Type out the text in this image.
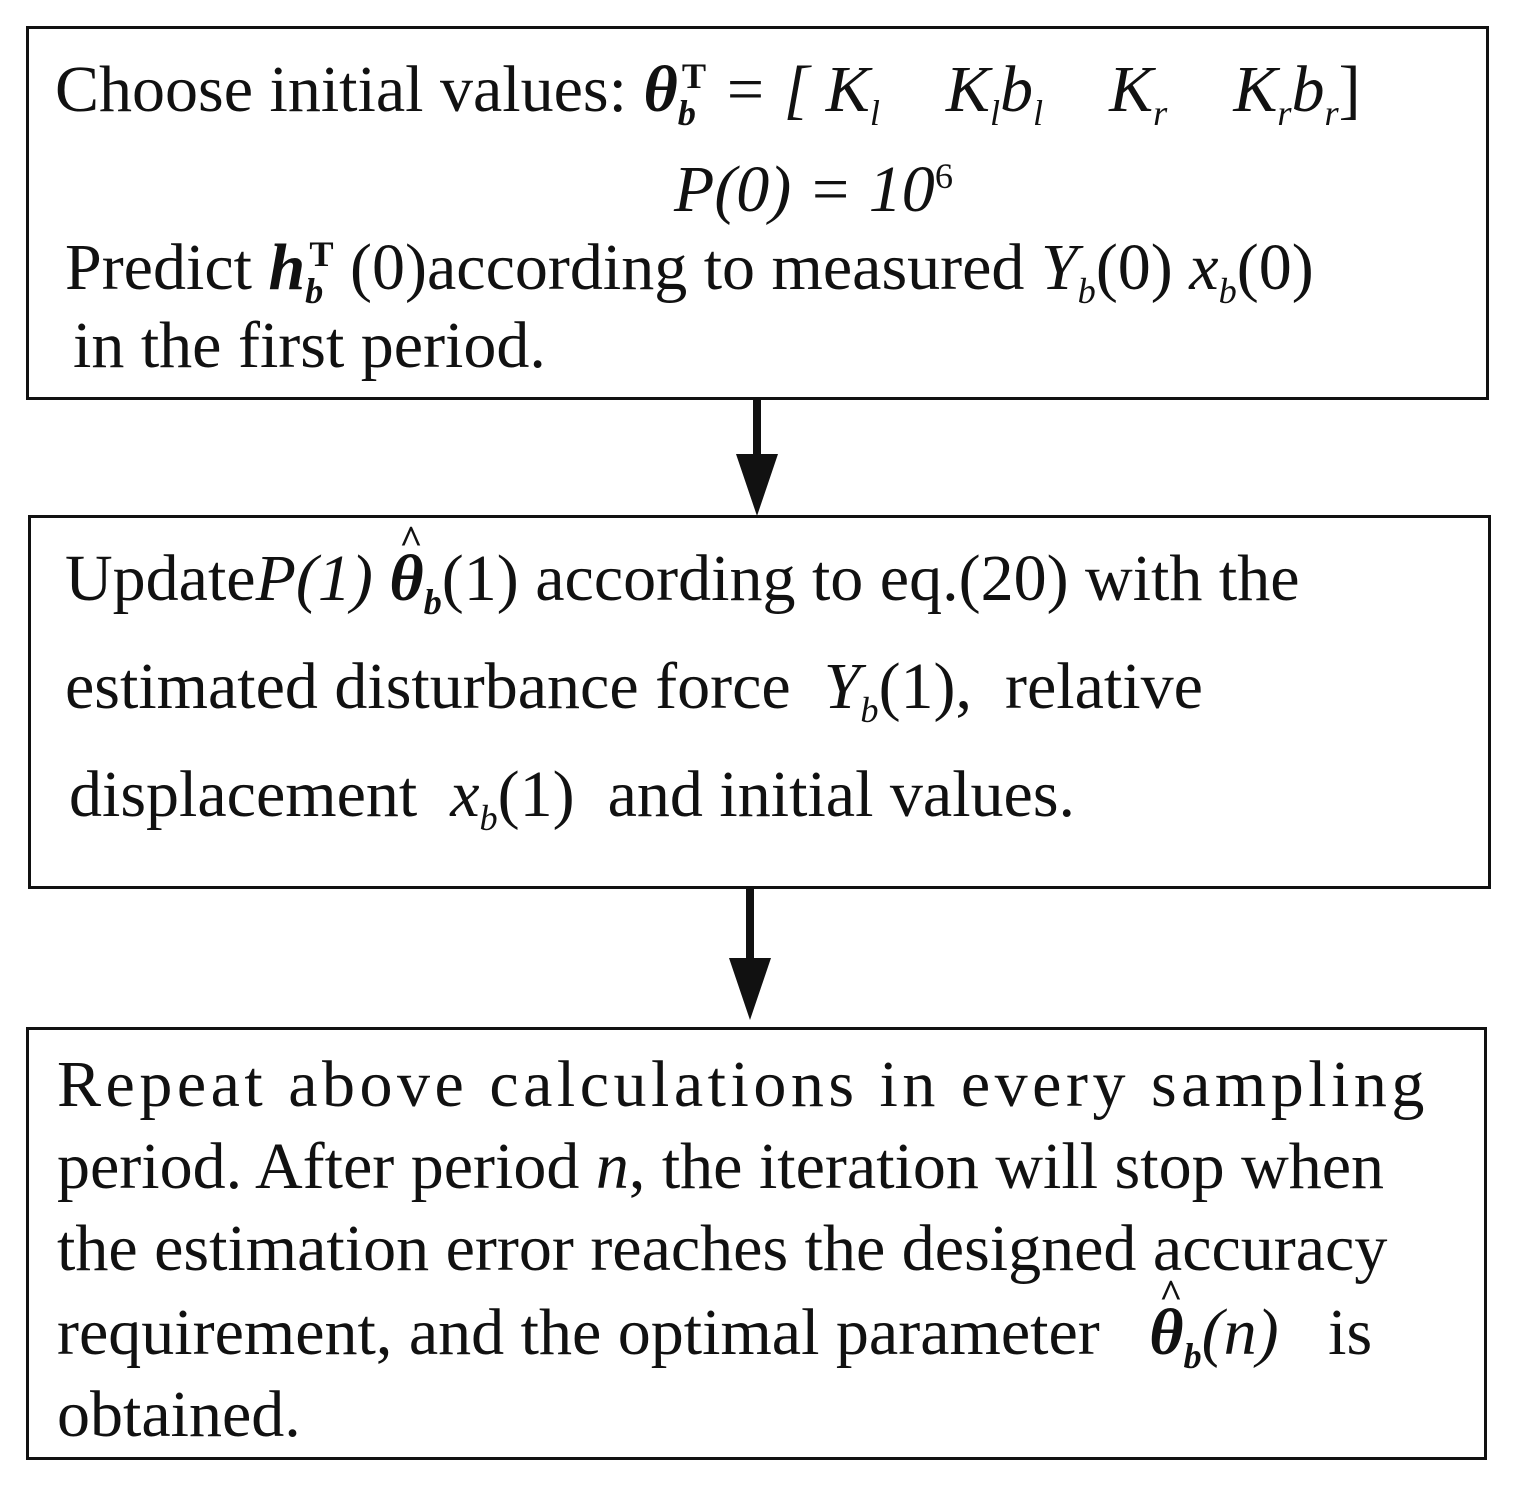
Choose initial values: $\theta_b^T$ = [ $K_l$ $K_lb_l$ $K_r$ $K_rb_r$]
$P(0) = 10^6$
Predict $h_b^T$ (0)according to measured $Y_b(0)$ $x_b(0)$
in the first period.
UpdateP(1) ^ $\theta_b(1)$ according to eq.(20) with the
estimated disturbance force $Y_b(1)$, relative
displacement $x_b(1)$ and initial values.
Repeat above calculations in every sampling
period. After period n, the iteration will stop when
the estimation error reaches the designed accuracy
requirement, and the optimal parameter ^ $\theta_b(n)$ is
obtained.
